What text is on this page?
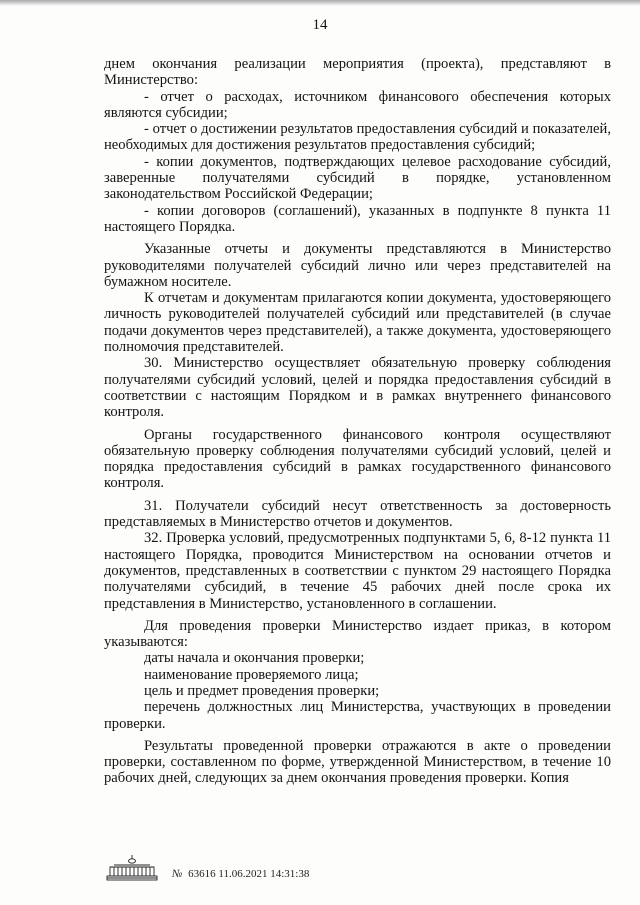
14

днем окончания реализации мероприятия (проекта), представляют в Министерство:

- отчет о расходах, источником финансового обеспечения которых являются субсидии;

- отчет о достижении результатов предоставления субсидий и показателей, необходимых для достижения результатов предоставления субсидий;

- копии документов, подтверждающих целевое расходование субсидий, заверенные получателями субсидий в порядке, установленном законодательством Российской Федерации;

- копии договоров (соглашений), указанных в подпункте 8 пункта 11 настоящего Порядка.

Указанные отчеты и документы представляются в Министерство руководителями получателей субсидий лично или через представителей на бумажном носителе.

К отчетам и документам прилагаются копии документа, удостоверяющего личность руководителей получателей субсидий или представителей (в случае подачи документов через представителей), а также документа, удостоверяющего полномочия представителей.

30. Министерство осуществляет обязательную проверку соблюдения получателями субсидий условий, целей и порядка предоставления субсидий в соответствии с настоящим Порядком и в рамках внутреннего финансового контроля.

Органы государственного финансового контроля осуществляют обязательную проверку соблюдения получателями субсидий условий, целей и порядка предоставления субсидий в рамках государственного финансового контроля.

31. Получатели субсидий несут ответственность за достоверность представляемых в Министерство отчетов и документов.

32. Проверка условий, предусмотренных подпунктами 5, 6, 8-12 пункта 11 настоящего Порядка, проводится Министерством на основании отчетов и документов, представленных в соответствии с пунктом 29 настоящего Порядка получателями субсидий, в течение 45 рабочих дней после срока их представления в Министерство, установленного в соглашении.

Для проведения проверки Министерство издает приказ, в котором указываются:

даты начала и окончания проверки;

наименование проверяемого лица;

цель и предмет проведения проверки;

перечень должностных лиц Министерства, участвующих в проведении проверки.

Результаты проведенной проверки отражаются в акте о проведении проверки, составленном по форме, утвержденной Министерством, в течение 10 рабочих дней, следующих за днем окончания проведения проверки. Копия

№ 63616 11.06.2021 14:31:38
